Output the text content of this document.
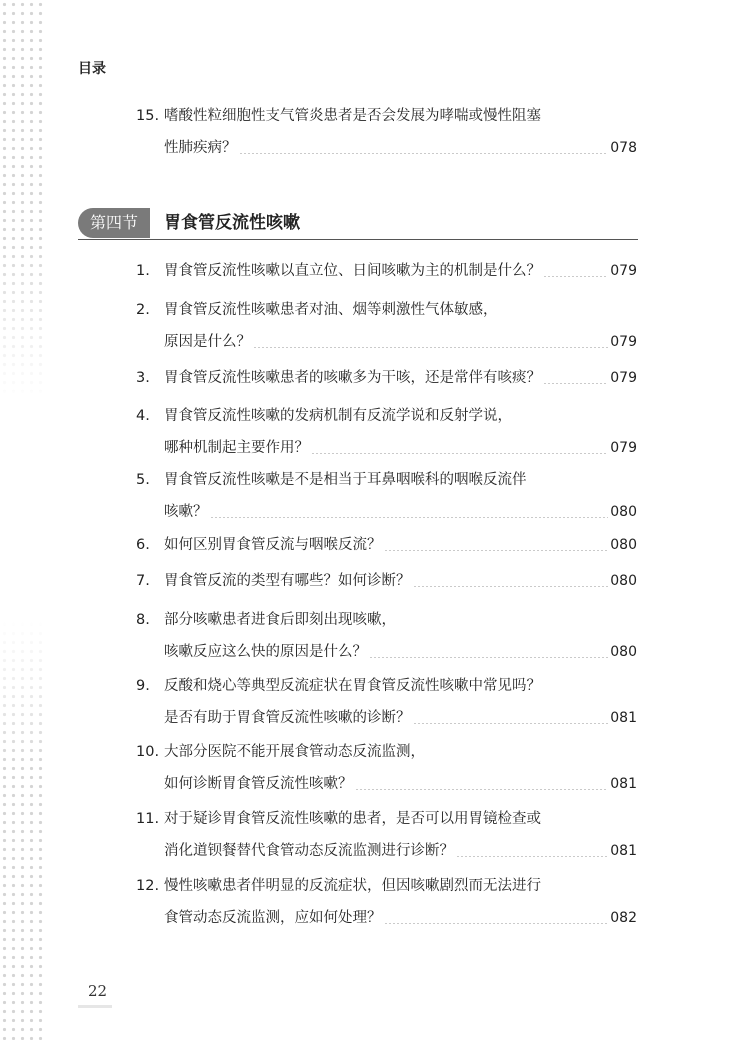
目录
15. 嗜酸性粒细胞性支气管炎患者是否会发展为哮喘或慢性阻塞
性肺疾病？	078
第四节	胃食管反流性咳嗽
1. 胃食管反流性咳嗽以直立位、日间咳嗽为主的机制是什么？	079
2. 胃食管反流性咳嗽患者对油、烟等刺激性气体敏感，
原因是什么？	079
3. 胃食管反流性咳嗽患者的咳嗽多为干咳，还是常伴有咳痰？	079
4. 胃食管反流性咳嗽的发病机制有反流学说和反射学说，
哪种机制起主要作用？	079
5. 胃食管反流性咳嗽是不是相当于耳鼻咽喉科的咽喉反流伴
咳嗽？	080
6. 如何区别胃食管反流与咽喉反流？	080
7. 胃食管反流的类型有哪些？如何诊断？	080
8. 部分咳嗽患者进食后即刻出现咳嗽，
咳嗽反应这么快的原因是什么？	080
9. 反酸和烧心等典型反流症状在胃食管反流性咳嗽中常见吗？
是否有助于胃食管反流性咳嗽的诊断？	081
10. 大部分医院不能开展食管动态反流监测，
如何诊断胃食管反流性咳嗽？	081
11. 对于疑诊胃食管反流性咳嗽的患者，是否可以用胃镜检查或
消化道钡餐替代食管动态反流监测进行诊断？	081
12. 慢性咳嗽患者伴明显的反流症状，但因咳嗽剧烈而无法进行
食管动态反流监测，应如何处理？	082
22
